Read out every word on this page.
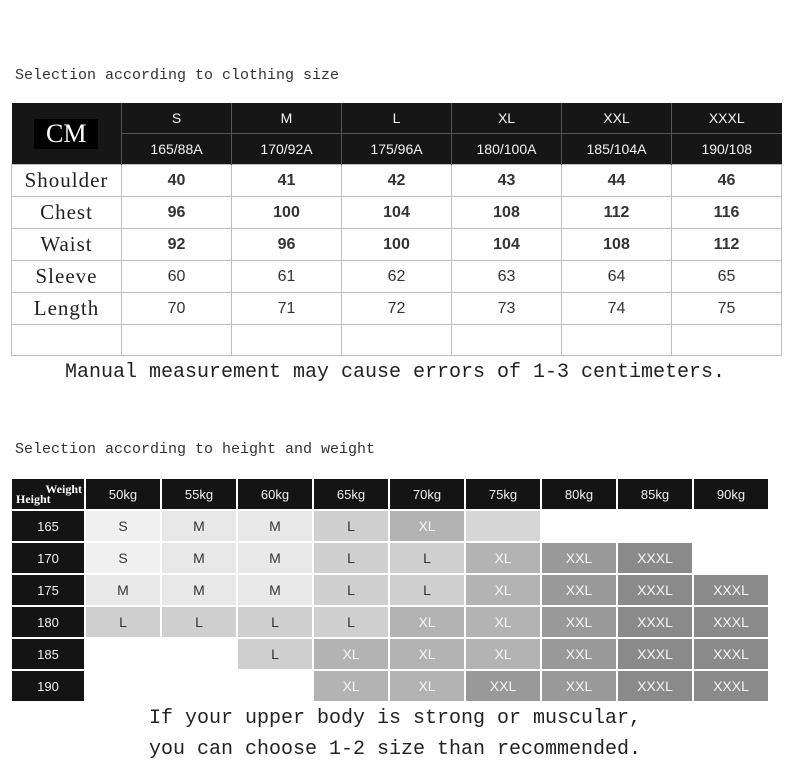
Selection according to clothing size

CM	S	M	L	XL	XXL	XXXL
	165/88A	170/92A	175/96A	180/100A	185/104A	190/108
Shoulder	40	41	42	43	44	46
Chest	96	100	104	108	112	116
Waist	92	96	100	104	108	112
Sleeve	60	61	62	63	64	65
Length	70	71	72	73	74	75

Manual measurement may cause errors of 1-3 centimeters.

Selection according to height and weight

Weight
Height	50kg	55kg	60kg	65kg	70kg	75kg	80kg	85kg	90kg
165	S	M	M	L	XL				
170	S	M	M	L	L	XL	XXL	XXXL	
175	M	M	M	L	L	XL	XXL	XXXL	XXXL
180	L	L	L	L	XL	XL	XXL	XXXL	XXXL
185			L	XL	XL	XL	XXL	XXXL	XXXL
190				XL	XL	XXL	XXL	XXXL	XXXL

If your upper body is strong or muscular,

you can choose 1-2 size than recommended.
